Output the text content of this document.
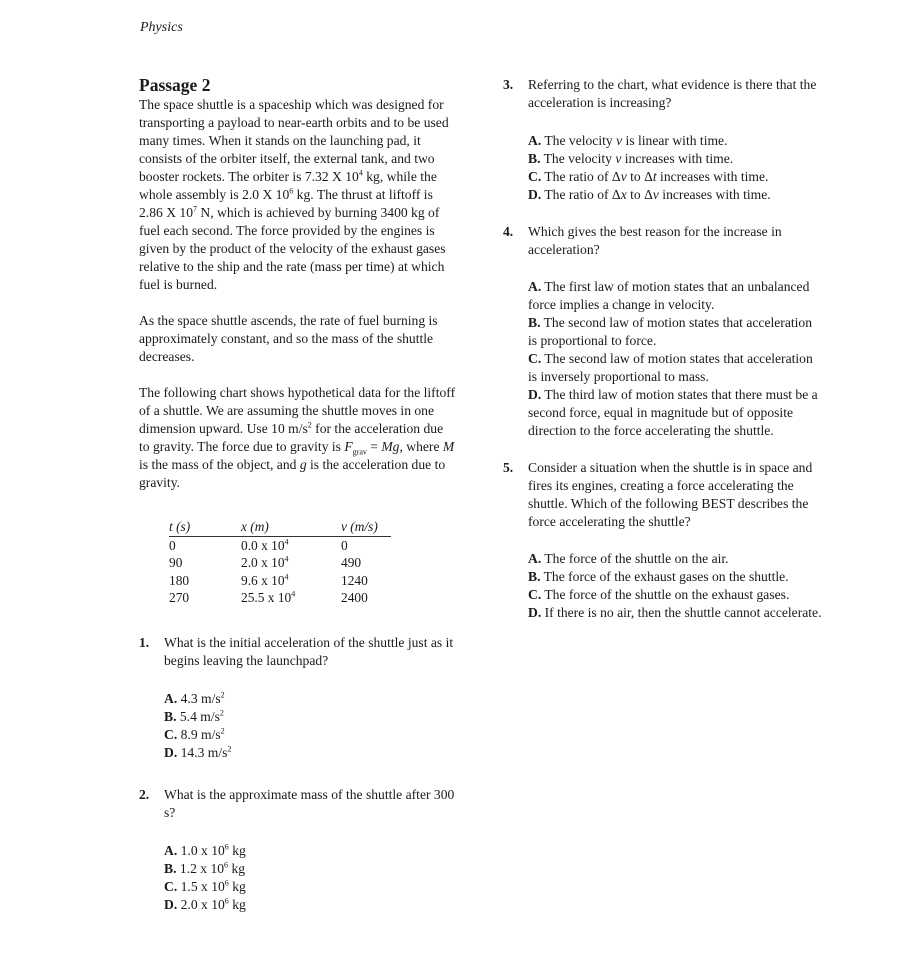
Physics
Passage 2

The space shuttle is a spaceship which was designed for transporting a payload to near-earth orbits and to be used many times. When it stands on the launching pad, it consists of the orbiter itself, the external tank, and two booster rockets. The orbiter is 7.32 X $10^4$ kg, while the whole assembly is 2.0 X $10^6$ kg. The thrust at liftoff is 2.86 X $10^7$ N, which is achieved by burning 3400 kg of fuel each second. The force provided by the engines is given by the product of the velocity of the exhaust gases relative to the ship and the rate (mass per time) at which fuel is burned.

As the space shuttle ascends, the rate of fuel burning is approximately constant, and so the mass of the shuttle decreases.

The following chart shows hypothetical data for the liftoff of a shuttle. We are assuming the shuttle moves in one dimension upward. Use 10 $m/s^2$ for the acceleration due to gravity. The force due to gravity is $F_{grav} = Mg$, where M is the mass of the object, and g is the acceleration due to gravity.

t (s)	x (m)	v (m/s)
0	0.0 x $10^4$	0
90	2.0 x $10^4$	490
180	9.6 x $10^4$	1240
270	25.5 x $10^4$	2400
1. What is the initial acceleration of the shuttle just as it begins leaving the launchpad?
A. 4.3 $m/s^2$
B. 5.4 $m/s^2$
C. 8.9 $m/s^2$
D. 14.3 $m/s^2$
2. What is the approximate mass of the shuttle after 300 s?
A. 1.0 x $10^6$ kg
B. 1.2 x $10^6$ kg
C. 1.5 x $10^6$ kg
D. 2.0 x $10^6$ kg
3. Referring to the chart, what evidence is there that the acceleration is increasing?
A. The velocity v is linear with time.
B. The velocity v increases with time.
C. The ratio of Δv to Δt increases with time.
D. The ratio of Δx to Δv increases with time.
4. Which gives the best reason for the increase in acceleration?
A. The first law of motion states that an unbalanced force implies a change in velocity.
B. The second law of motion states that acceleration is proportional to force.
C. The second law of motion states that acceleration is inversely proportional to mass.
D. The third law of motion states that there must be a second force, equal in magnitude but of opposite direction to the force accelerating the shuttle.
5. Consider a situation when the shuttle is in space and fires its engines, creating a force accelerating the shuttle. Which of the following BEST describes the force accelerating the shuttle?
A. The force of the shuttle on the air.
B. The force of the exhaust gases on the shuttle.
C. The force of the shuttle on the exhaust gases.
D. If there is no air, then the shuttle cannot accelerate.
